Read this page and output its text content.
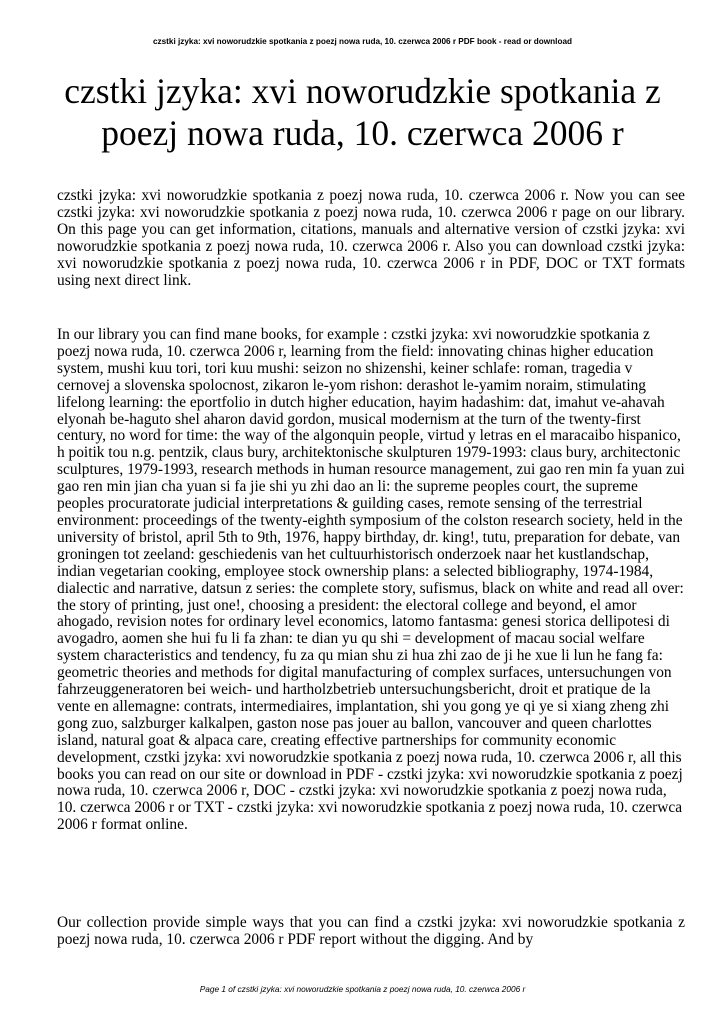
czstki jzyka: xvi noworudzkie spotkania z poezj nowa ruda, 10. czerwca 2006 r PDF book - read or download
czstki jzyka: xvi noworudzkie spotkania z poezj nowa ruda, 10. czerwca 2006 r

czstki jzyka: xvi noworudzkie spotkania z poezj nowa ruda, 10. czerwca 2006 r. Now you can see czstki jzyka: xvi noworudzkie spotkania z poezj nowa ruda, 10. czerwca 2006 r page on our library. On this page you can get information, citations, manuals and alternative version of czstki jzyka: xvi noworudzkie spotkania z poezj nowa ruda, 10. czerwca 2006 r. Also you can download czstki jzyka: xvi noworudzkie spotkania z poezj nowa ruda, 10. czerwca 2006 r in PDF, DOC or TXT formats using next direct link.

In our library you can find mane books, for example : czstki jzyka: xvi noworudzkie spotkania z poezj nowa ruda, 10. czerwca 2006 r, learning from the field: innovating chinas higher education system, mushi kuu tori, tori kuu mushi: seizon no shizenshi, keiner schlafe: roman, tragedia v cernovej a slovenska spolocnost, zikaron le-yom rishon: derashot le-yamim noraim, stimulating lifelong learning: the eportfolio in dutch higher education, hayim hadashim: dat, imahut ve-ahavah elyonah be-haguto shel aharon david gordon, musical modernism at the turn of the twenty-first century, no word for time: the way of the algonquin people, virtud y letras en el maracaibo hispanico, h poitik tou n.g. pentzik, claus bury, architektonische skulpturen 1979-1993: claus bury, architectonic sculptures, 1979-1993, research methods in human resource management, zui gao ren min fa yuan zui gao ren min jian cha yuan si fa jie shi yu zhi dao an li: the supreme peoples court, the supreme peoples procuratorate judicial interpretations & guilding cases, remote sensing of the terrestrial environment: proceedings of the twenty-eighth symposium of the colston research society, held in the university of bristol, april 5th to 9th, 1976, happy birthday, dr. king!, tutu, preparation for debate, van groningen tot zeeland: geschiedenis van het cultuurhistorisch onderzoek naar het kustlandschap, indian vegetarian cooking, employee stock ownership plans: a selected bibliography, 1974-1984, dialectic and narrative, datsun z series: the complete story, sufismus, black on white and read all over: the story of printing, just one!, choosing a president: the electoral college and beyond, el amor ahogado, revision notes for ordinary level economics, latomo fantasma: genesi storica dellipotesi di avogadro, aomen she hui fu li fa zhan: te dian yu qu shi = development of macau social welfare system characteristics and tendency, fu za qu mian shu zi hua zhi zao de ji he xue li lun he fang fa: geometric theories and methods for digital manufacturing of complex surfaces, untersuchungen von fahrzeuggeneratoren bei weich- und hartholzbetrieb untersuchungsbericht, droit et pratique de la vente en allemagne: contrats, intermediaires, implantation, shi you gong ye qi ye si xiang zheng zhi gong zuo, salzburger kalkalpen, gaston nose pas jouer au ballon, vancouver and queen charlottes island, natural goat & alpaca care, creating effective partnerships for community economic development, czstki jzyka: xvi noworudzkie spotkania z poezj nowa ruda, 10. czerwca 2006 r, all this books you can read on our site or download in PDF - czstki jzyka: xvi noworudzkie spotkania z poezj nowa ruda, 10. czerwca 2006 r, DOC - czstki jzyka: xvi noworudzkie spotkania z poezj nowa ruda, 10. czerwca 2006 r or TXT - czstki jzyka: xvi noworudzkie spotkania z poezj nowa ruda, 10. czerwca 2006 r format online.

Our collection provide simple ways that you can find a czstki jzyka: xvi noworudzkie spotkania z poezj nowa ruda, 10. czerwca 2006 r PDF report without the digging. And by

Page 1 of czstki jzyka: xvi noworudzkie spotkania z poezj nowa ruda, 10. czerwca 2006 r
